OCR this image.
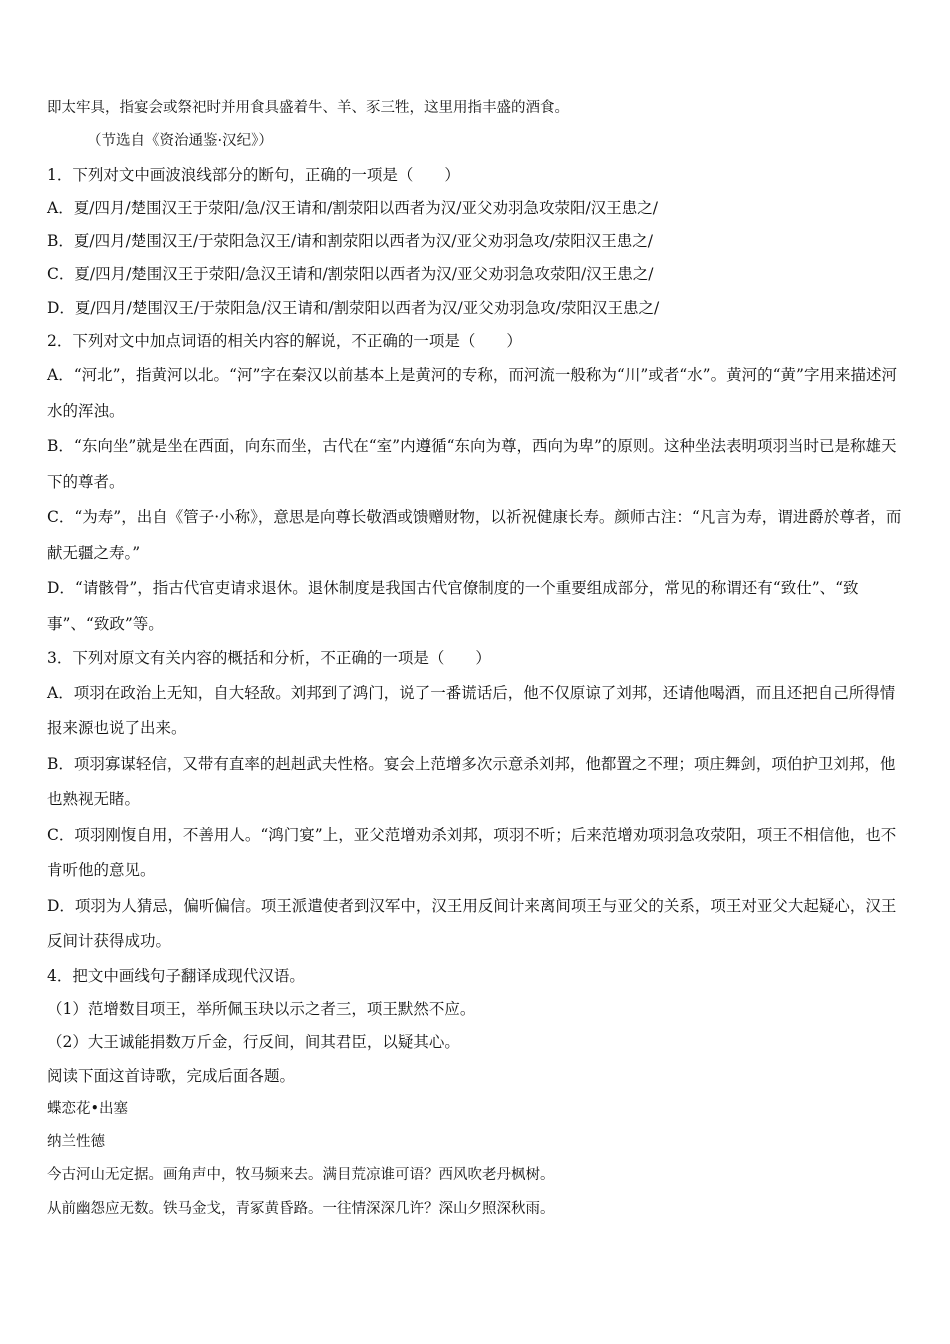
即太牢具，指宴会或祭祀时并用食具盛着牛、羊、豕三牲，这里用指丰盛的酒食。
（节选自《资治通鉴·汉纪》）
1．下列对文中画波浪线部分的断句，正确的一项是（　　）
A．夏/四月/楚围汉王于荥阳/急/汉王请和/割荥阳以西者为汉/亚父劝羽急攻荥阳/汉王患之/
B．夏/四月/楚围汉王/于荥阳急汉王/请和割荥阳以西者为汉/亚父劝羽急攻/荥阳汉王患之/
C．夏/四月/楚围汉王于荥阳/急汉王请和/割荥阳以西者为汉/亚父劝羽急攻荥阳/汉王患之/
D．夏/四月/楚围汉王/于荥阳急/汉王请和/割荥阳以西者为汉/亚父劝羽急攻/荥阳汉王患之/
2．下列对文中加点词语的相关内容的解说，不正确的一项是（　　）
A．“河北”，指黄河以北。“河”字在秦汉以前基本上是黄河的专称，而河流一般称为“川”或者“水”。黄河的“黄”字用来描述河水的浑浊。
B．“东向坐”就是坐在西面，向东而坐，古代在“室”内遵循“东向为尊，西向为卑”的原则。这种坐法表明项羽当时已是称雄天下的尊者。
C．“为寿”，出自《管子·小称》，意思是向尊长敬酒或馈赠财物，以祈祝健康长寿。颜师古注：“凡言为寿，谓进爵於尊者，而献无疆之寿。”
D．“请骸骨”，指古代官吏请求退休。退休制度是我国古代官僚制度的一个重要组成部分，常见的称谓还有“致仕”、“致事”、“致政”等。
3．下列对原文有关内容的概括和分析，不正确的一项是（　　）
A．项羽在政治上无知，自大轻敌。刘邦到了鸿门，说了一番谎话后，他不仅原谅了刘邦，还请他喝酒，而且还把自己所得情报来源也说了出来。
B．项羽寡谋轻信，又带有直率的赳赳武夫性格。宴会上范增多次示意杀刘邦，他都置之不理；项庄舞剑，项伯护卫刘邦，他也熟视无睹。
C．项羽刚愎自用，不善用人。“鸿门宴”上，亚父范增劝杀刘邦，项羽不听；后来范增劝项羽急攻荥阳，项王不相信他，也不肯听他的意见。
D．项羽为人猜忌，偏听偏信。项王派遣使者到汉军中，汉王用反间计来离间项王与亚父的关系，项王对亚父大起疑心，汉王反间计获得成功。
4．把文中画线句子翻译成现代汉语。
（1）范增数目项王，举所佩玉玦以示之者三，项王默然不应。
（2）大王诚能捐数万斤金，行反间，间其君臣，以疑其心。
阅读下面这首诗歌，完成后面各题。
蝶恋花•出塞
纳兰性德
今古河山无定据。画角声中，牧马频来去。满目荒凉谁可语？西风吹老丹枫树。
从前幽怨应无数。铁马金戈，青冢黄昏路。一往情深深几许？深山夕照深秋雨。
